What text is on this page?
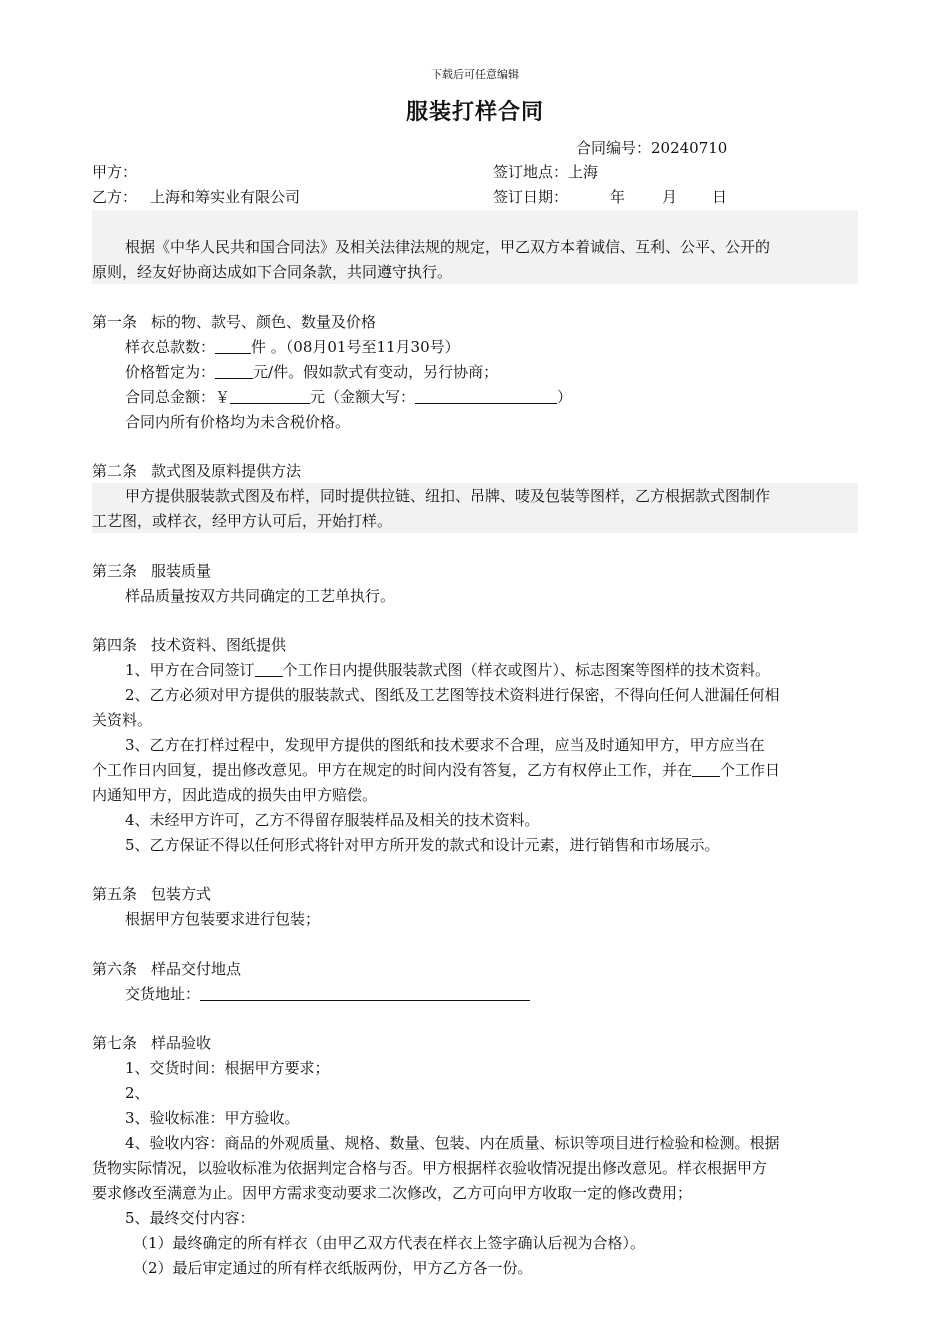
下载后可任意编辑
服装打样合同
合同编号：20240710
甲方：	签订地点：上海
乙方： 上海和筹实业有限公司	签订日期：	年 月 日
根据《中华人民共和国合同法》及相关法律法规的规定，甲乙双方本着诚信、互利、公平、公开的
原则，经友好协商达成如下合同条款，共同遵守执行。
第一条 标的物、款号、颜色、数量及价格
样衣总款数： 件 。（08月01号至11月30号）
价格暂定为：	元/件。假如款式有变动，另行协商；
合同总金额：￥	元（金额大写：	）
合同内所有价格均为未含税价格。
第二条 款式图及原料提供方法
甲方提供服装款式图及布样，同时提供拉链、纽扣、吊牌、唛及包装等图样，乙方根据款式图制作
工艺图，或样衣，经甲方认可后，开始打样。
第三条 服装质量
样品质量按双方共同确定的工艺单执行。
第四条 技术资料、图纸提供
1、甲方在合同签订 个工作日内提供服装款式图（样衣或图片）、标志图案等图样的技术资料。
2、乙方必须对甲方提供的服装款式、图纸及工艺图等技术资料进行保密，不得向任何人泄漏任何相
关资料。
3、乙方在打样过程中，发现甲方提供的图纸和技术要求不合理，应当及时通知甲方，甲方应当在
个工作日内回复，提出修改意见。甲方在规定的时间内没有答复，乙方有权停止工作，并在 个工作日
内通知甲方，因此造成的损失由甲方赔偿。
4、未经甲方许可，乙方不得留存服装样品及相关的技术资料。
5、乙方保证不得以任何形式将针对甲方所开发的款式和设计元素，进行销售和市场展示。
第五条 包装方式
根据甲方包装要求进行包装；
第六条 样品交付地点
交货地址：
第七条 样品验收
1、交货时间：根据甲方要求；
2、
3、验收标准：甲方验收。
4、验收内容：商品的外观质量、规格、数量、包装、内在质量、标识等项目进行检验和检测。根据
货物实际情况，以验收标准为依据判定合格与否。甲方根据样衣验收情况提出修改意见。样衣根据甲方
要求修改至满意为止。因甲方需求变动要求二次修改，乙方可向甲方收取一定的修改费用；
5、最终交付内容：
（1）最终确定的所有样衣（由甲乙双方代表在样衣上签字确认后视为合格）。
（2）最后审定通过的所有样衣纸版两份，甲方乙方各一份。
